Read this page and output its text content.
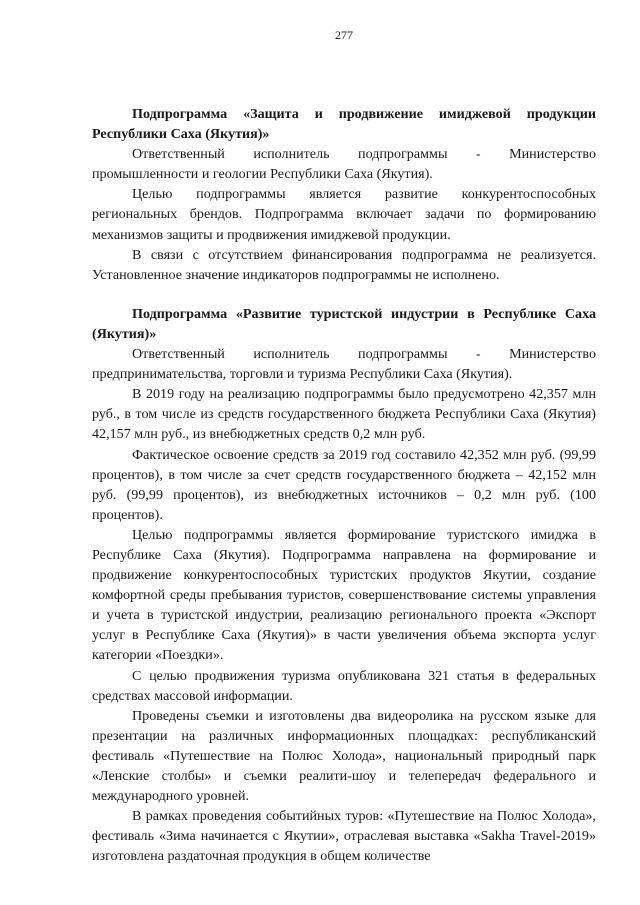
277
Подпрограмма «Защита и продвижение имиджевой продукции Республики Саха (Якутия)»

Ответственный исполнитель подпрограммы - Министерство промышленности и геологии Республики Саха (Якутия).

Целью подпрограммы является развитие конкурентоспособных региональных брендов. Подпрограмма включает задачи по формированию механизмов защиты и продвижения имиджевой продукции.

В связи с отсутствием финансирования подпрограмма не реализуется. Установленное значение индикаторов подпрограммы не исполнено.

Подпрограмма «Развитие туристской индустрии в Республике Саха (Якутия)»

Ответственный исполнитель подпрограммы - Министерство предпринимательства, торговли и туризма Республики Саха (Якутия).

В 2019 году на реализацию подпрограммы было предусмотрено 42,357 млн руб., в том числе из средств государственного бюджета Республики Саха (Якутия) 42,157 млн руб., из внебюджетных средств 0,2 млн руб.

Фактическое освоение средств за 2019 год составило 42,352 млн руб. (99,99 процентов), в том числе за счет средств государственного бюджета – 42,152 млн руб. (99,99 процентов), из внебюджетных источников – 0,2 млн руб. (100 процентов).

Целью подпрограммы является формирование туристского имиджа в Республике Саха (Якутия). Подпрограмма направлена на формирование и продвижение конкурентоспособных туристских продуктов Якутии, создание комфортной среды пребывания туристов, совершенствование системы управления и учета в туристской индустрии, реализацию регионального проекта «Экспорт услуг в Республике Саха (Якутия)» в части увеличения объема экспорта услуг категории «Поездки».

С целью продвижения туризма опубликована 321 статья в федеральных средствах массовой информации.

Проведены съемки и изготовлены два видеоролика на русском языке для презентации на различных информационных площадках: республиканский фестиваль «Путешествие на Полюс Холода», национальный природный парк «Ленские столбы» и съемки реалити-шоу и телепередач федерального и международного уровней.

В рамках проведения событийных туров: «Путешествие на Полюс Холода», фестиваль «Зима начинается с Якутии», отраслевая выставка «Sakha Travel-2019» изготовлена раздаточная продукция в общем количестве
